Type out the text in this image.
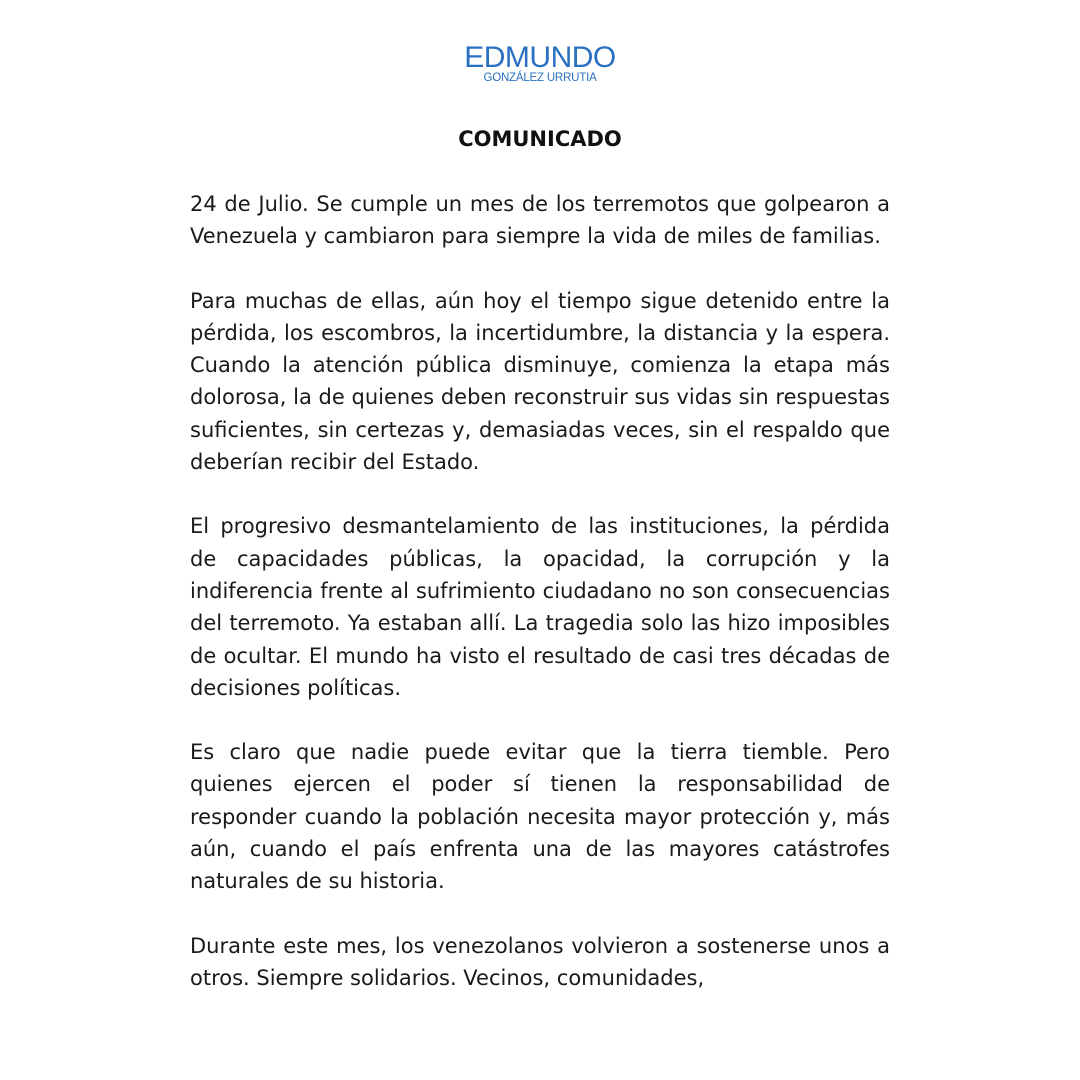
EDMUNDO
GONZÁLEZ URRUTIA
COMUNICADO

24 de Julio. Se cumple un mes de los terremotos que golpearon a Venezuela y cambiaron para siempre la vida de miles de familias.

Para muchas de ellas, aún hoy el tiempo sigue detenido entre la pérdida, los escombros, la incertidumbre, la distancia y la espera. Cuando la atención pública disminuye, comienza la etapa más dolorosa, la de quienes deben reconstruir sus vidas sin respuestas suficientes, sin certezas y, demasiadas veces, sin el respaldo que deberían recibir del Estado.

El progresivo desmantelamiento de las instituciones, la pérdida de capacidades públicas, la opacidad, la corrupción y la indiferencia frente al sufrimiento ciudadano no son consecuencias del terremoto. Ya estaban allí. La tragedia solo las hizo imposibles de ocultar. El mundo ha visto el resultado de casi tres décadas de decisiones políticas.

Es claro que nadie puede evitar que la tierra tiemble. Pero quienes ejercen el poder sí tienen la responsabilidad de responder cuando la población necesita mayor protección y, más aún, cuando el país enfrenta una de las mayores catástrofes naturales de su historia.

Durante este mes, los venezolanos volvieron a sostenerse unos a otros. Siempre solidarios. Vecinos, comunidades,
